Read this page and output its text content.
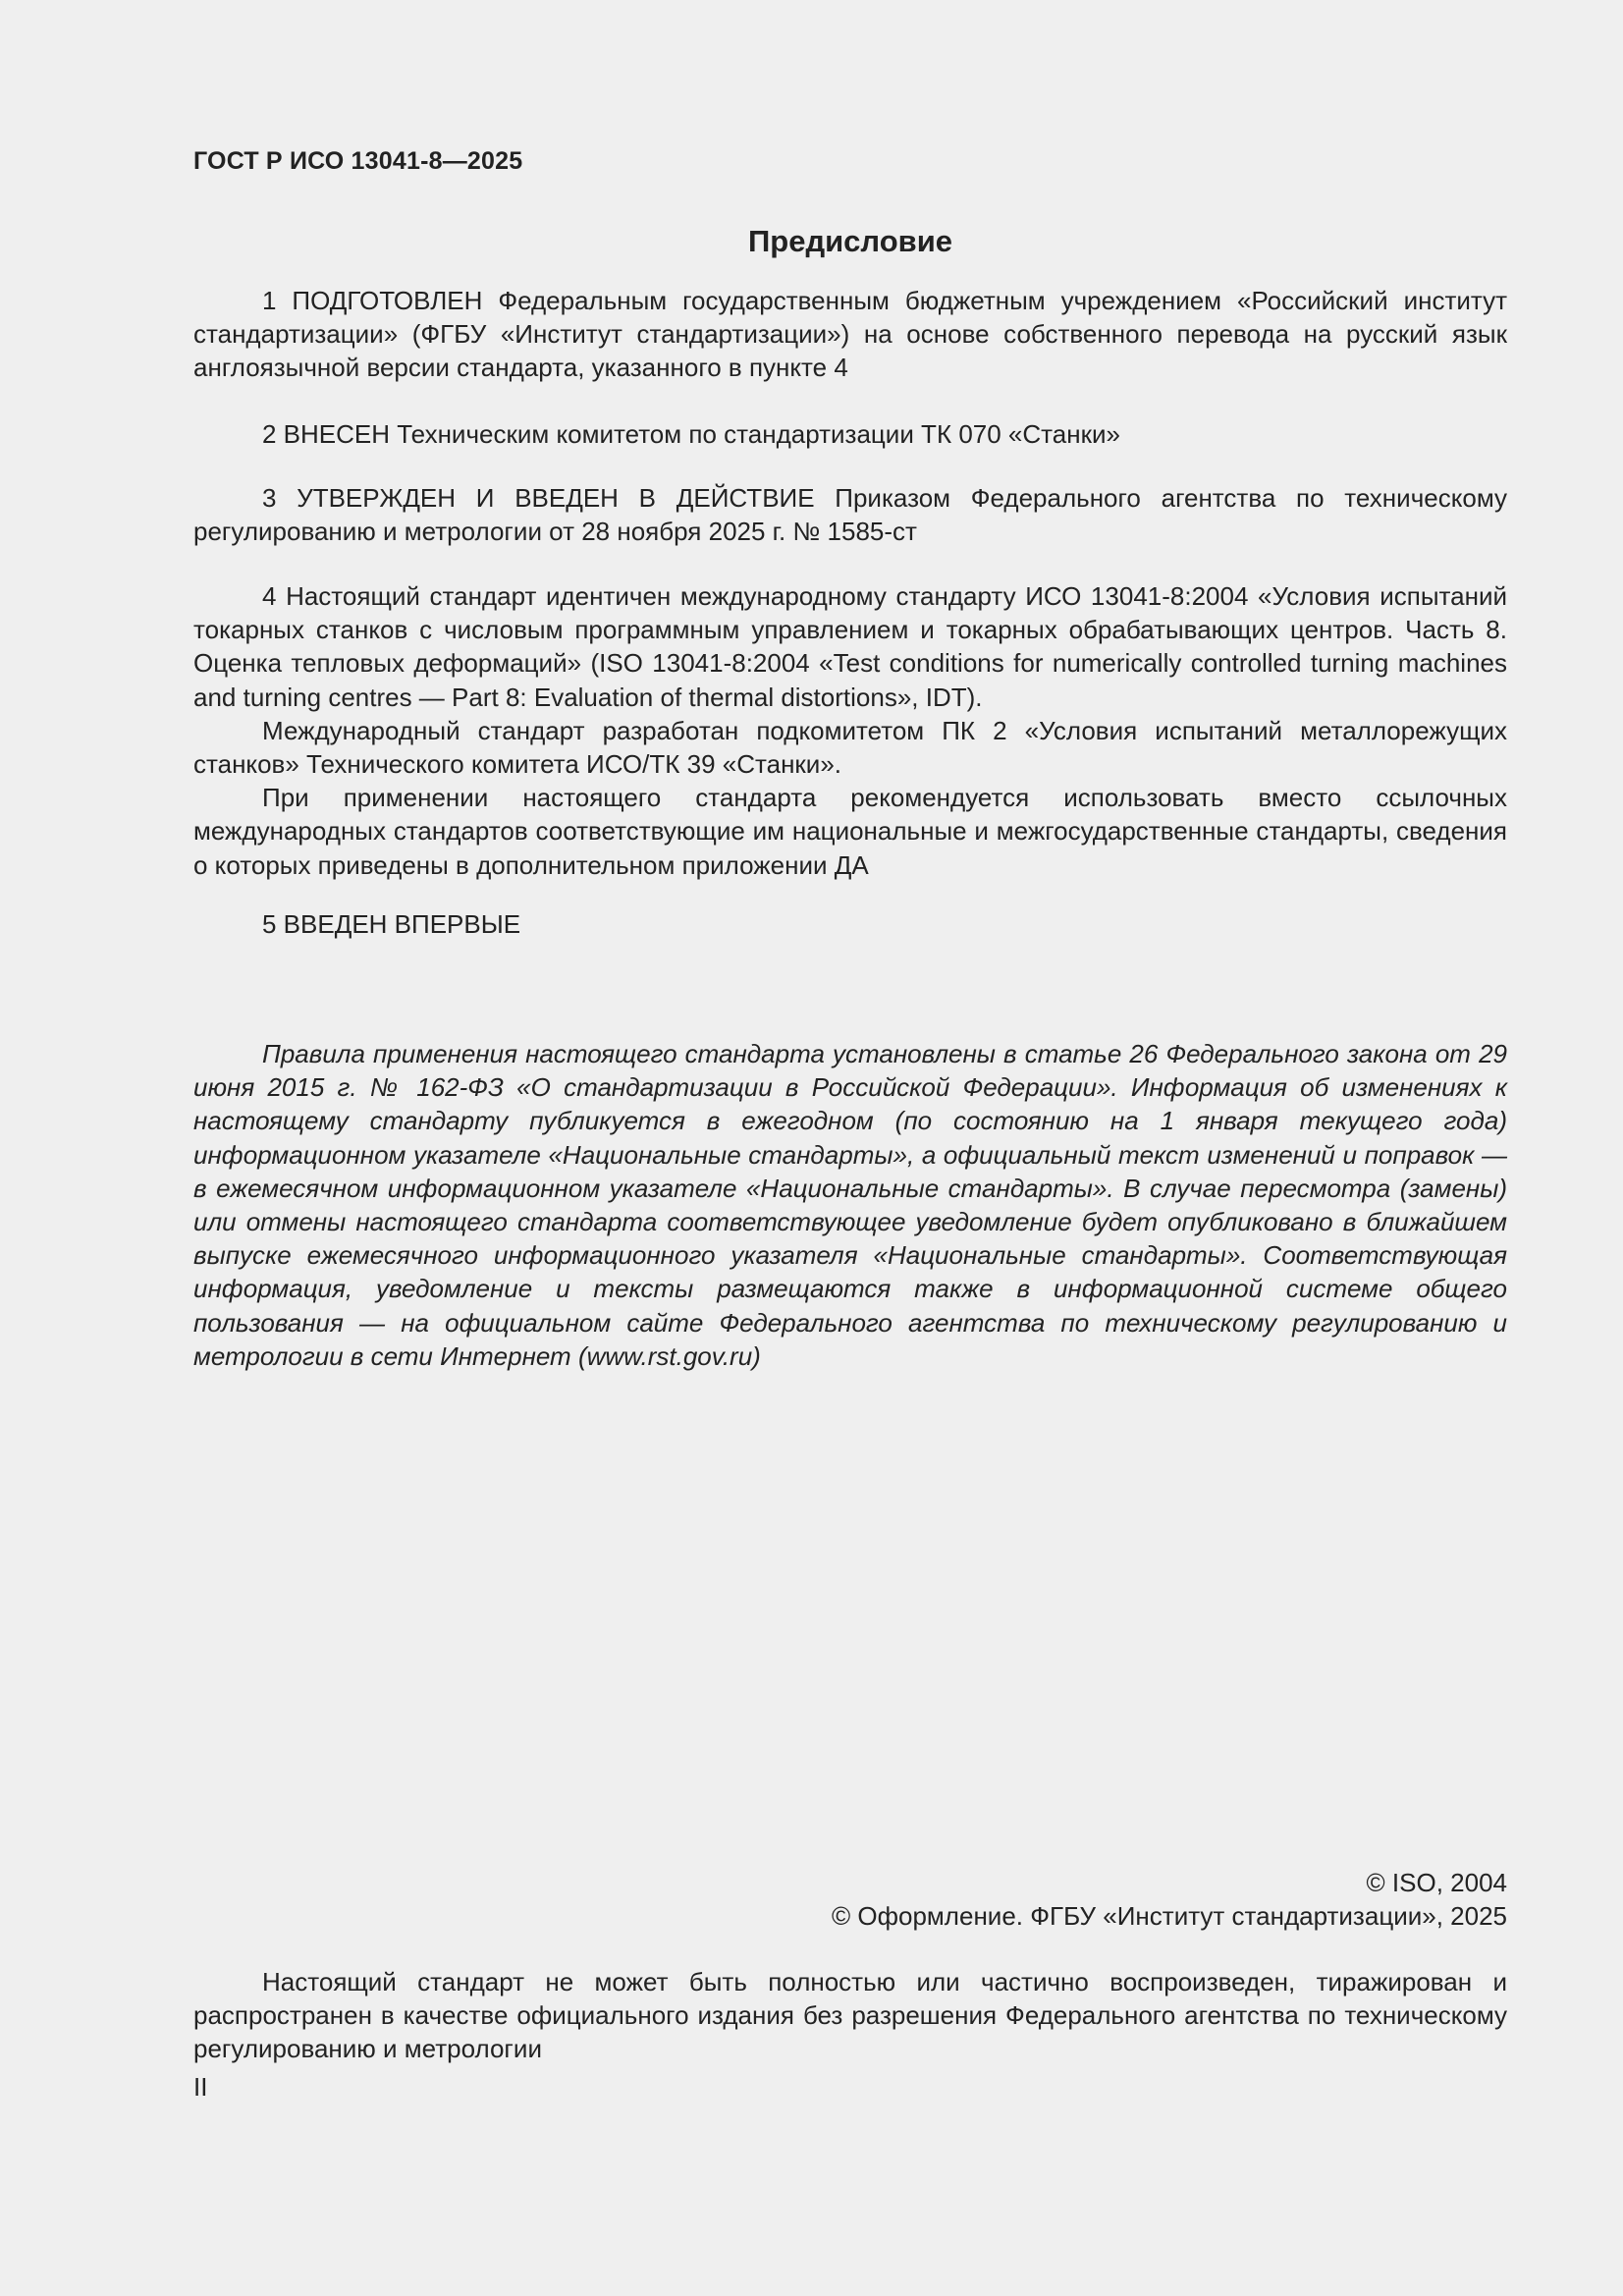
ГОСТ Р ИСО 13041-8—2025
Предисловие

1 ПОДГОТОВЛЕН Федеральным государственным бюджетным учреждением «Российский институт стандартизации» (ФГБУ «Институт стандартизации») на основе собственного перевода на русский язык англоязычной версии стандарта, указанного в пункте 4

2 ВНЕСЕН Техническим комитетом по стандартизации ТК 070 «Станки»

3 УТВЕРЖДЕН И ВВЕДЕН В ДЕЙСТВИЕ Приказом Федерального агентства по техническому регулированию и метрологии от 28 ноября 2025 г. № 1585-ст

4 Настоящий стандарт идентичен международному стандарту ИСО 13041-8:2004 «Условия испытаний токарных станков с числовым программным управлением и токарных обрабатывающих центров. Часть 8. Оценка тепловых деформаций» (ISO 13041-8:2004 «Test conditions for numerically controlled turning machines and turning centres — Part 8: Evaluation of thermal distortions», IDT).

Международный стандарт разработан подкомитетом ПК 2 «Условия испытаний металлорежущих станков» Технического комитета ИСО/ТК 39 «Станки».

При применении настоящего стандарта рекомендуется использовать вместо ссылочных международных стандартов соответствующие им национальные и межгосударственные стандарты, сведения о которых приведены в дополнительном приложении ДА

5 ВВЕДЕН ВПЕРВЫЕ

Правила применения настоящего стандарта установлены в статье 26 Федерального закона от 29 июня 2015 г. № 162-ФЗ «О стандартизации в Российской Федерации». Информация об изменениях к настоящему стандарту публикуется в ежегодном (по состоянию на 1 января текущего года) информационном указателе «Национальные стандарты», а официальный текст изменений и поправок — в ежемесячном информационном указателе «Национальные стандарты». В случае пересмотра (замены) или отмены настоящего стандарта соответствующее уведомление будет опубликовано в ближайшем выпуске ежемесячного информационного указателя «Национальные стандарты». Соответствующая информация, уведомление и тексты размещаются также в информационной системе общего пользования — на официальном сайте Федерального агентства по техническому регулированию и метрологии в сети Интернет (www.rst.gov.ru)

© ISO, 2004
© Оформление. ФГБУ «Институт стандартизации», 2025

Настоящий стандарт не может быть полностью или частично воспроизведен, тиражирован и распространен в качестве официального издания без разрешения Федерального агентства по техническому регулированию и метрологии

II
